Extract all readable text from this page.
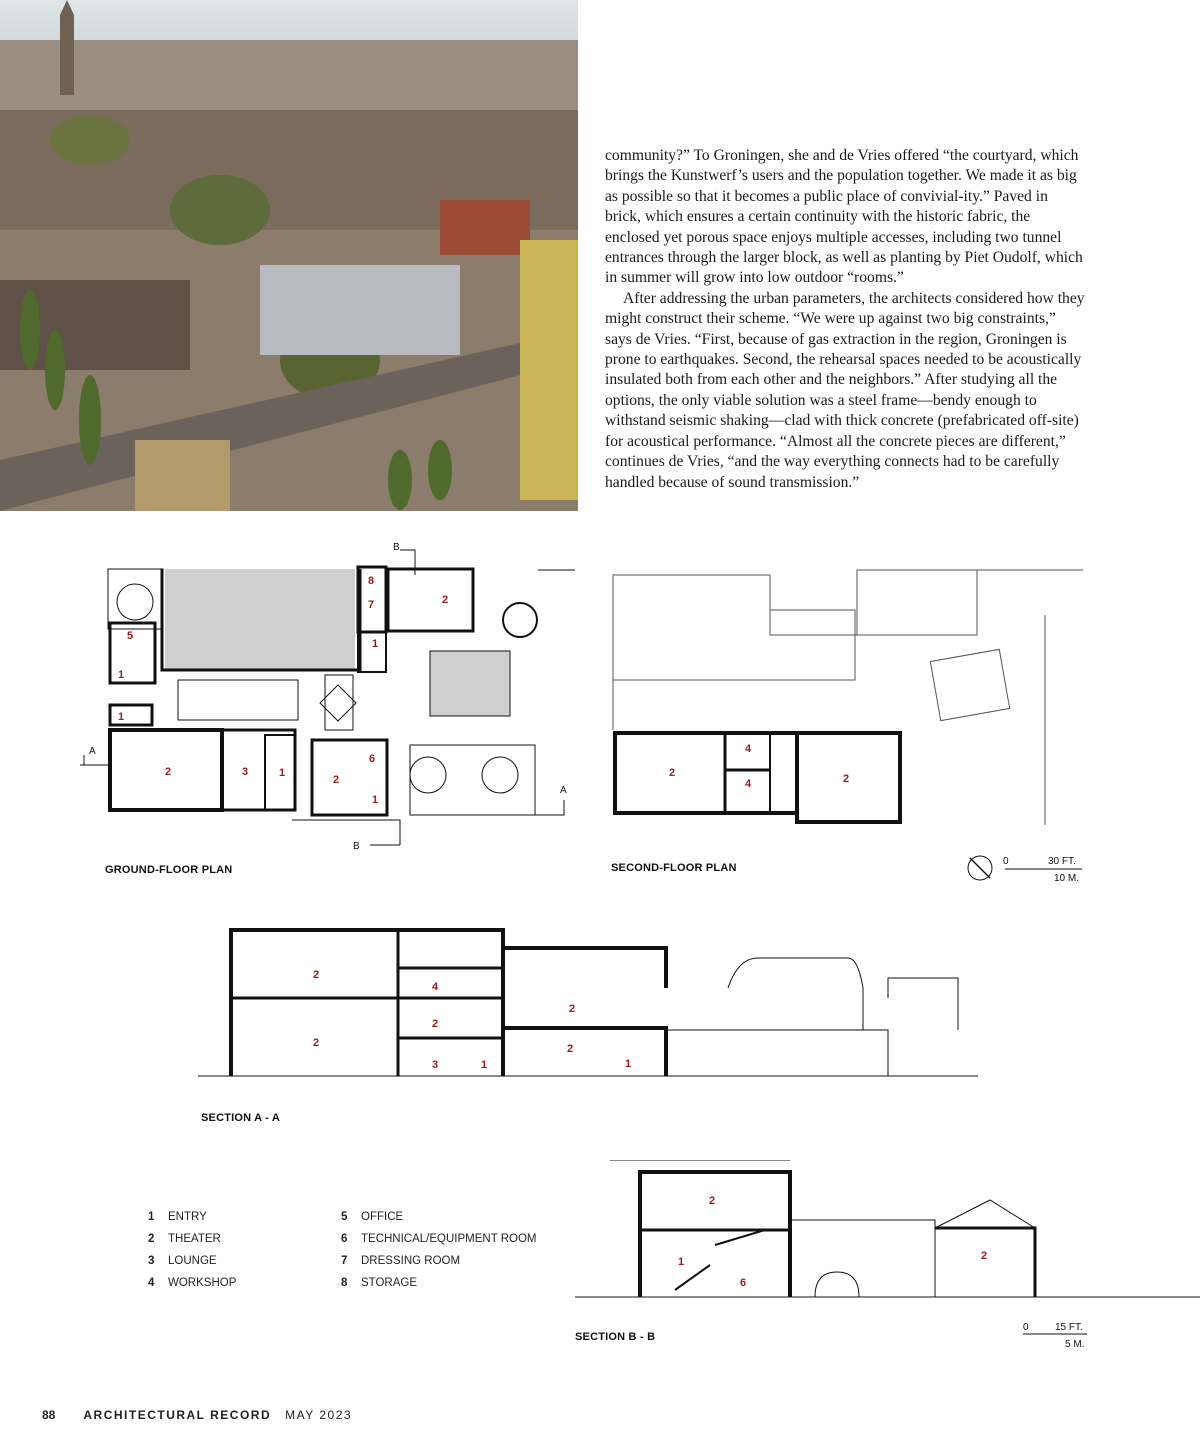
community?” To Groningen, she and de Vries offered “the courtyard, which brings the Kunstwerf’s users and the population together. We made it as big as possible so that it becomes a public place of convivial-ity.” Paved in brick, which ensures a certain continuity with the historic fabric, the enclosed yet porous space enjoys multiple accesses, including two tunnel entrances through the larger block, as well as planting by Piet Oudolf, which in summer will grow into low outdoor “rooms.”

After addressing the urban parameters, the architects considered how they might construct their scheme. “We were up against two big constraints,” says de Vries. “First, because of gas extraction in the region, Groningen is prone to earthquakes. Second, the rehearsal spaces needed to be acoustically insulated both from each other and the neighbors.” After studying all the options, the only viable solution was a steel frame—bendy enough to withstand seismic shaking—clad with thick concrete (prefabricated off-site) for acoustical performance. “Almost all the concrete pieces are different,” continues de Vries, “and the way everything connects had to be carefully handled because of sound transmission.”

8
7	2
1
5
1
1
2	3	1
2
6
1
A
A
B
B
GROUND-FLOOR PLAN
4
2
4	2
SECOND-FLOOR PLAN
0	30 FT.
10 M.
2
4
2
2
2
3	1
2
1
SECTION A - A
1	ENTRY
2	THEATER
3	LOUNGE
4	WORKSHOP
5	OFFICE
6	TECHNICAL/EQUIPMENT ROOM
7	DRESSING ROOM
8	STORAGE
2
1
6
2
SECTION B - B
0	15 FT.
5 M.
88 ARCHITECTURAL RECORD MAY 2023
